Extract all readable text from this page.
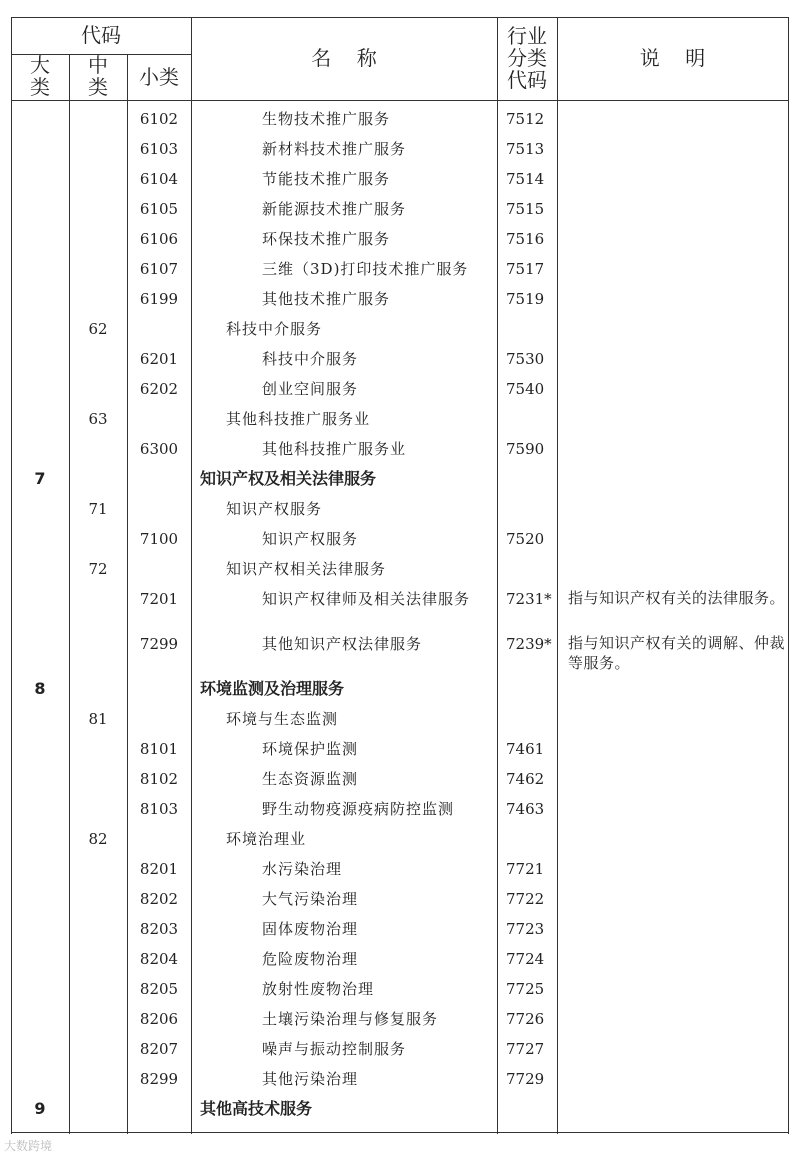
代码
大
类
中
类	小类
名    称
行业
分类
代码
说    明
6102	生物技术推广服务	7512
6103	新材料技术推广服务	7513
6104	节能技术推广服务	7514
6105	新能源技术推广服务	7515
6106	环保技术推广服务	7516
6107	三维（3D)打印技术推广服务	7517
6199	其他技术推广服务	7519
62	科技中介服务
6201	科技中介服务	7530
6202	创业空间服务	7540
63	其他科技推广服务业
6300	其他科技推广服务业	7590
7	知识产权及相关法律服务
71	知识产权服务
7100	知识产权服务	7520
72	知识产权相关法律服务
7201	知识产权律师及相关法律服务	7231*	指与知识产权有关的法律服务。
7299	其他知识产权法律服务	7239*	指与知识产权有关的调解、仲裁等服务。
8	环境监测及治理服务
81	环境与生态监测
8101	环境保护监测	7461
8102	生态资源监测	7462
8103	野生动物疫源疫病防控监测	7463
82	环境治理业
8201	水污染治理	7721
8202	大气污染治理	7722
8203	固体废物治理	7723
8204	危险废物治理	7724
8205	放射性废物治理	7725
8206	土壤污染治理与修复服务	7726
8207	噪声与振动控制服务	7727
8299	其他污染治理	7729
9	其他高技术服务
大数跨境
